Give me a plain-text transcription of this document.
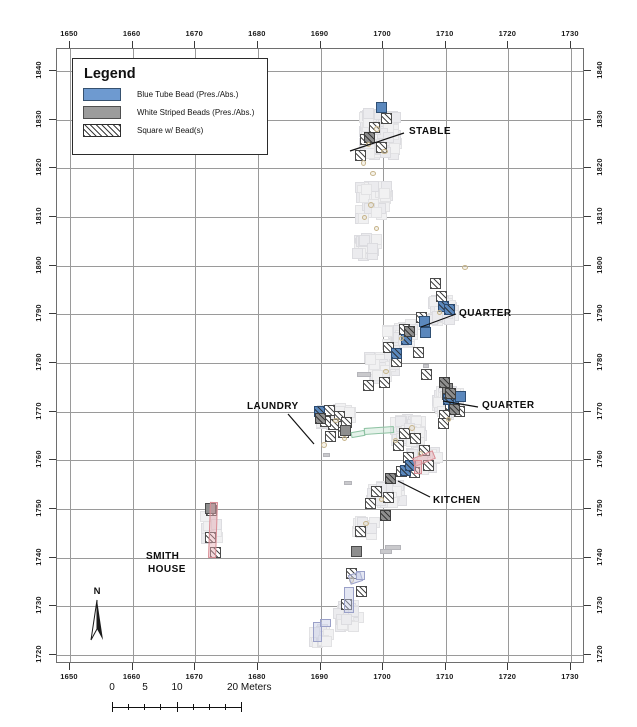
1650
1650
1660
1660
1670
1670
1680
1680
1690
1690
1700
1700
1710
1710
1720
1720
1730
1730
1840	1840
1830	1830
1820	1820
1810	1810
1800	1800
1790	1790
1780	1780
1770	1770
1760	1760
1750	1750
1740	1740
1730	1730
1720	1720
Legend
Blue Tube Bead (Pres./Abs.)
White Striped Beads (Pres./Abs.)
Square w/ Bead(s)	STABLE
QUARTER
QUARTER
LAUNDRY
KITCHEN
SMITH
HOUSE
N
0	5 10	20 Meters
